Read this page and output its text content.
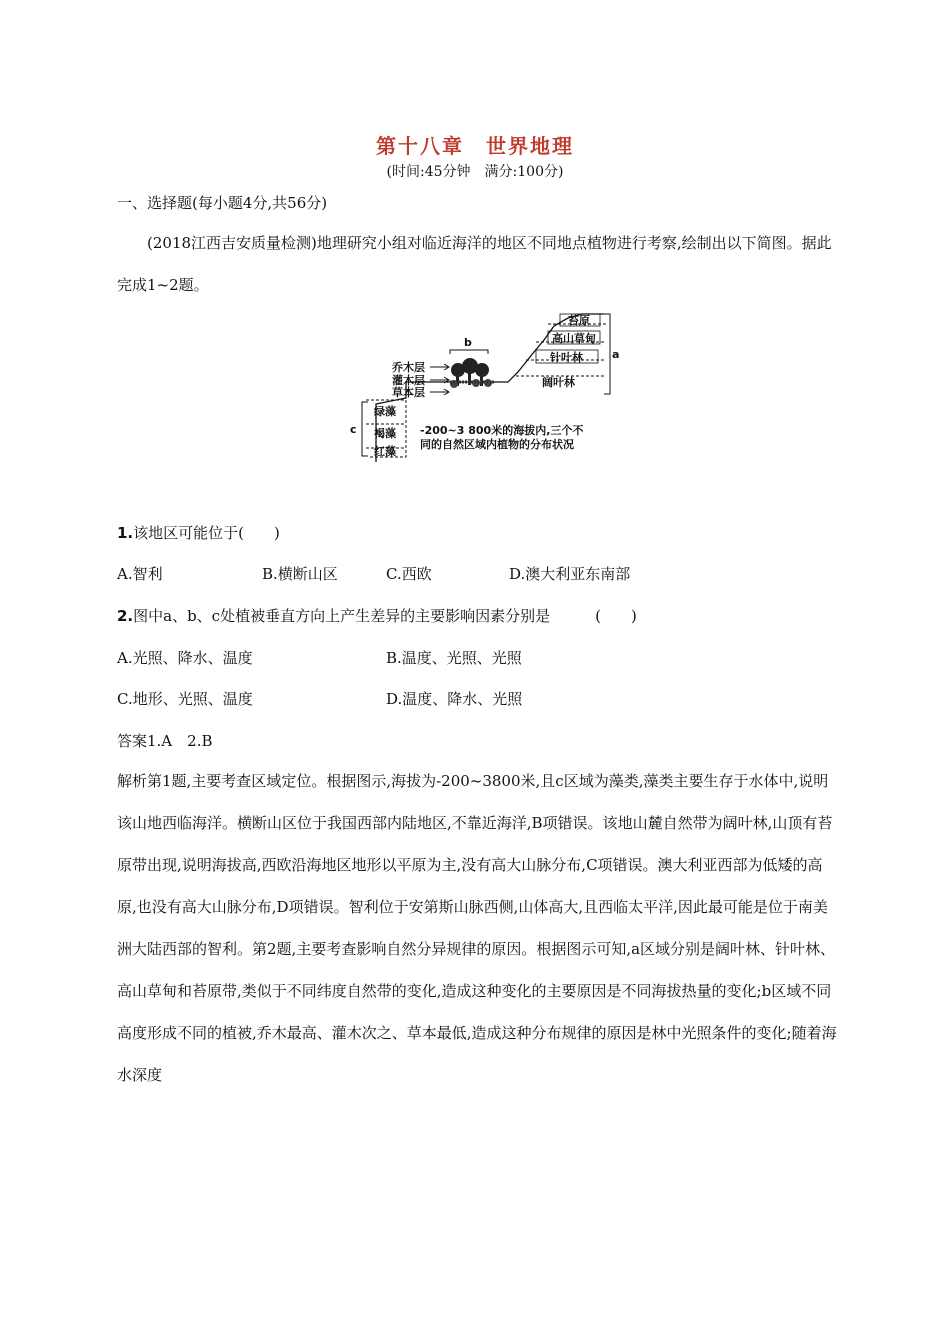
第十八章　世界地理
(时间:45分钟　满分:100分)
一、选择题(每小题4分,共56分)
(2018江西吉安质量检测)地理研究小组对临近海洋的地区不同地点植物进行考察,绘制出以下简图。据此完成1~2题。
绿藻
褐藻
红藻
c
乔木层
灌木层
草本层
b
苔原
高山草甸
针叶林
阔叶林
a
-200~3 800米的海拔内,三个不
同的自然区域内植物的分布状况
1.该地区可能位于(　　)
A.智利	B.横断山区	C.西欧	D.澳大利亚东南部
2.图中a、b、c处植被垂直方向上产生差异的主要影响因素分别是　　　(　　)
A.光照、降水、温度	B.温度、光照、光照
C.地形、光照、温度	D.温度、降水、光照
答案1.A　2.B
解析第1题,主要考查区域定位。根据图示,海拔为-200~3800米,且c区域为藻类,藻类主要生存于水体中,说明该山地西临海洋。横断山区位于我国西部内陆地区,不靠近海洋,B项错误。该地山麓自然带为阔叶林,山顶有苔原带出现,说明海拔高,西欧沿海地区地形以平原为主,没有高大山脉分布,C项错误。澳大利亚西部为低矮的高原,也没有高大山脉分布,D项错误。智利位于安第斯山脉西侧,山体高大,且西临太平洋,因此最可能是位于南美洲大陆西部的智利。第2题,主要考查影响自然分异规律的原因。根据图示可知,a区域分别是阔叶林、针叶林、高山草甸和苔原带,类似于不同纬度自然带的变化,造成这种变化的主要原因是不同海拔热量的变化;b区域不同高度形成不同的植被,乔木最高、灌木次之、草本最低,造成这种分布规律的原因是林中光照条件的变化;随着海水深度
